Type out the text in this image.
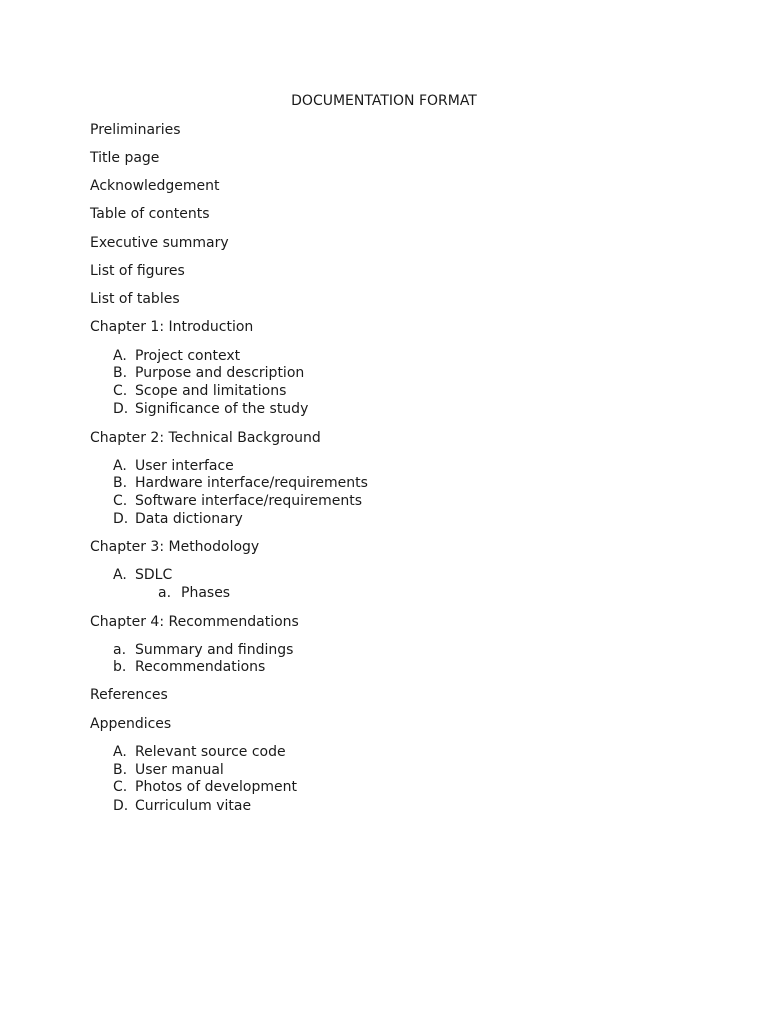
DOCUMENTATION FORMAT
Preliminaries
Title page
Acknowledgement
Table of contents
Executive summary
List of figures
List of tables
Chapter 1: Introduction
A. Project context
B. Purpose and description
C. Scope and limitations
D. Significance of the study
Chapter 2: Technical Background
A. User interface
B. Hardware interface/requirements
C. Software interface/requirements
D. Data dictionary
Chapter 3: Methodology
A. SDLC
a. Phases
Chapter 4: Recommendations
a. Summary and findings
b. Recommendations
References
Appendices
A. Relevant source code
B. User manual
C. Photos of development
D. Curriculum vitae
